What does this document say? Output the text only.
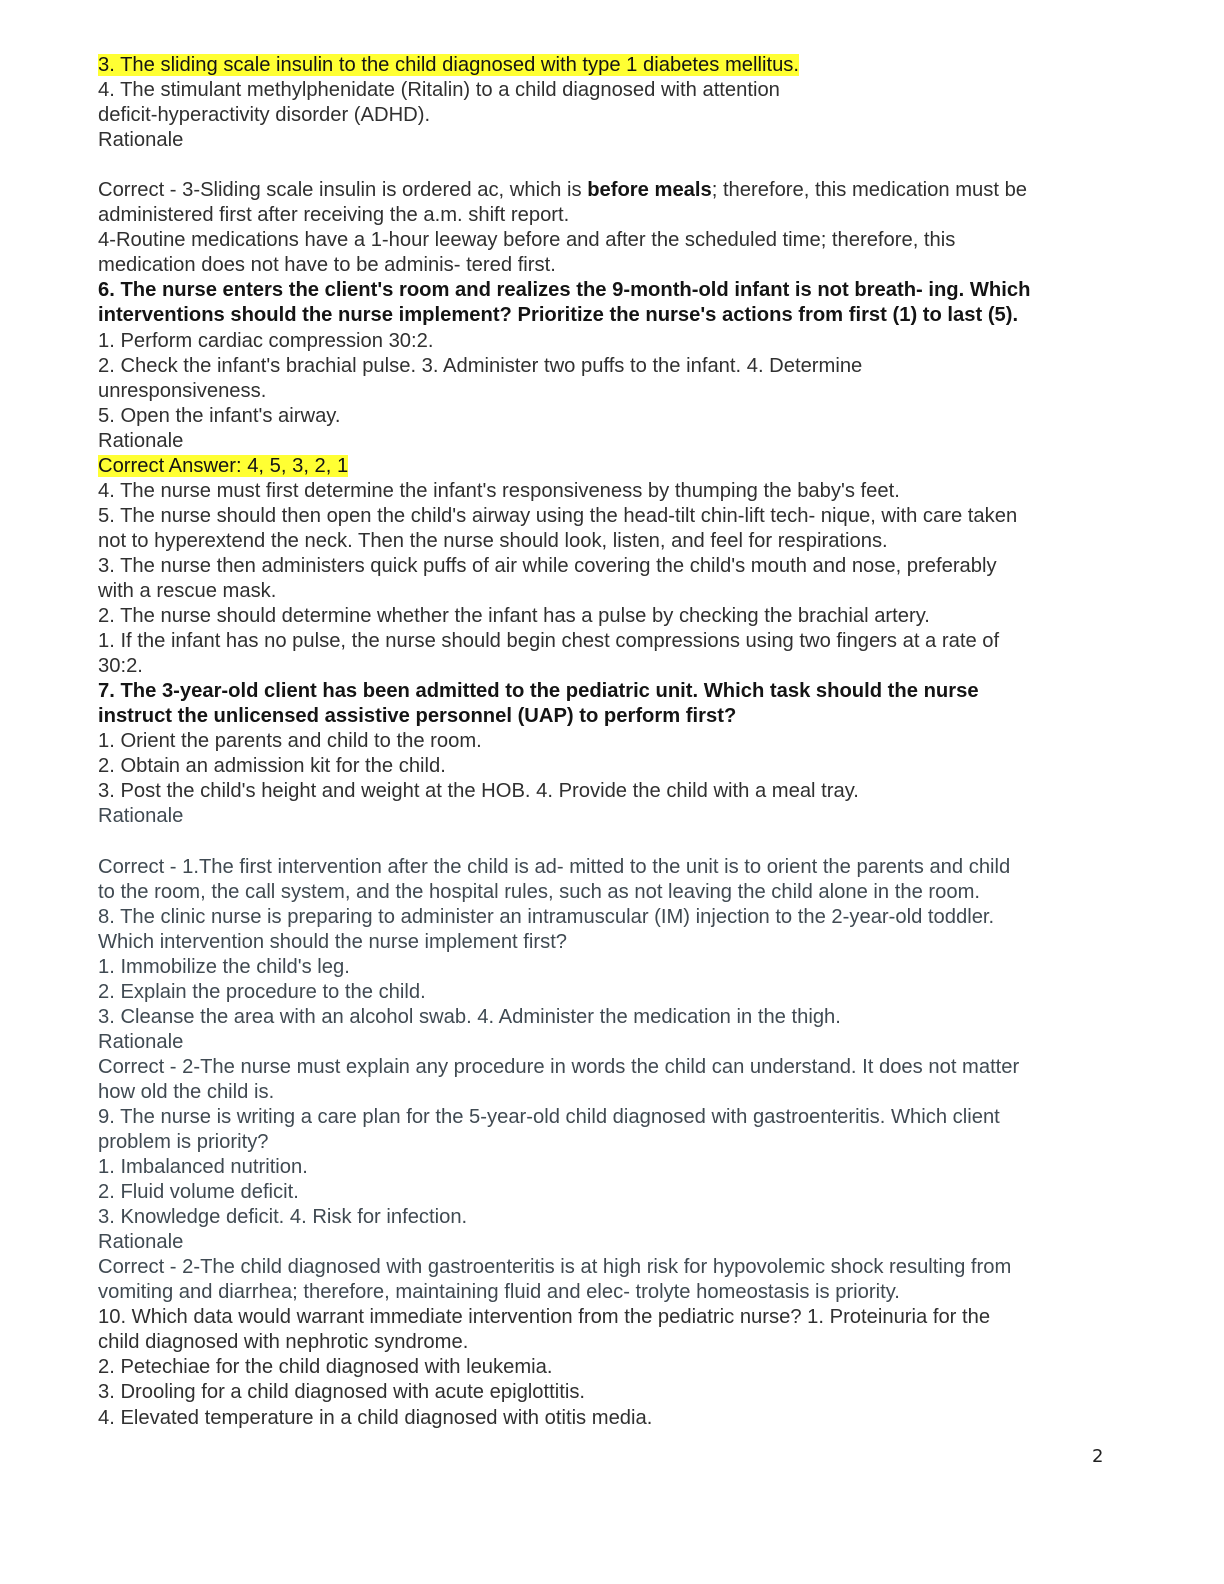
3. The sliding scale insulin to the child diagnosed with type 1 diabetes mellitus.
4. The stimulant methylphenidate (Ritalin) to a child diagnosed with attention
deficit-hyperactivity disorder (ADHD).
Rationale
Correct - 3-Sliding scale insulin is ordered ac, which is before meals; therefore, this medication must be
administered first after receiving the a.m. shift report.
4-Routine medications have a 1-hour leeway before and after the scheduled time; therefore, this
medication does not have to be adminis- tered first.
6. The nurse enters the client's room and realizes the 9-month-old infant is not breath- ing. Which
interventions should the nurse implement? Prioritize the nurse's actions from first (1) to last (5).
1. Perform cardiac compression 30:2.
2. Check the infant's brachial pulse. 3. Administer two puffs to the infant. 4. Determine
unresponsiveness.
5. Open the infant's airway.
Rationale
Correct Answer: 4, 5, 3, 2, 1
4. The nurse must first determine the infant's responsiveness by thumping the baby's feet.
5. The nurse should then open the child's airway using the head-tilt chin-lift tech- nique, with care taken
not to hyperextend the neck. Then the nurse should look, listen, and feel for respirations.
3. The nurse then administers quick puffs of air while covering the child's mouth and nose, preferably
with a rescue mask.
2. The nurse should determine whether the infant has a pulse by checking the brachial artery.
1. If the infant has no pulse, the nurse should begin chest compressions using two fingers at a rate of
30:2.
7. The 3-year-old client has been admitted to the pediatric unit. Which task should the nurse
instruct the unlicensed assistive personnel (UAP) to perform first?
1. Orient the parents and child to the room.
2. Obtain an admission kit for the child.
3. Post the child's height and weight at the HOB. 4. Provide the child with a meal tray.
Rationale
Correct - 1.The first intervention after the child is ad- mitted to the unit is to orient the parents and child
to the room, the call system, and the hospital rules, such as not leaving the child alone in the room.
8. The clinic nurse is preparing to administer an intramuscular (IM) injection to the 2-year-old toddler.
Which intervention should the nurse implement first?
1. Immobilize the child's leg.
2. Explain the procedure to the child.
3. Cleanse the area with an alcohol swab. 4. Administer the medication in the thigh.
Rationale
Correct - 2-The nurse must explain any procedure in words the child can understand. It does not matter
how old the child is.
9. The nurse is writing a care plan for the 5-year-old child diagnosed with gastroenteritis. Which client
problem is priority?
1. Imbalanced nutrition.
2. Fluid volume deficit.
3. Knowledge deficit. 4. Risk for infection.
Rationale
Correct - 2-The child diagnosed with gastroenteritis is at high risk for hypovolemic shock resulting from
vomiting and diarrhea; therefore, maintaining fluid and elec- trolyte homeostasis is priority.
10. Which data would warrant immediate intervention from the pediatric nurse? 1. Proteinuria for the
child diagnosed with nephrotic syndrome.
2. Petechiae for the child diagnosed with leukemia.
3. Drooling for a child diagnosed with acute epiglottitis.
4. Elevated temperature in a child diagnosed with otitis media.
2
